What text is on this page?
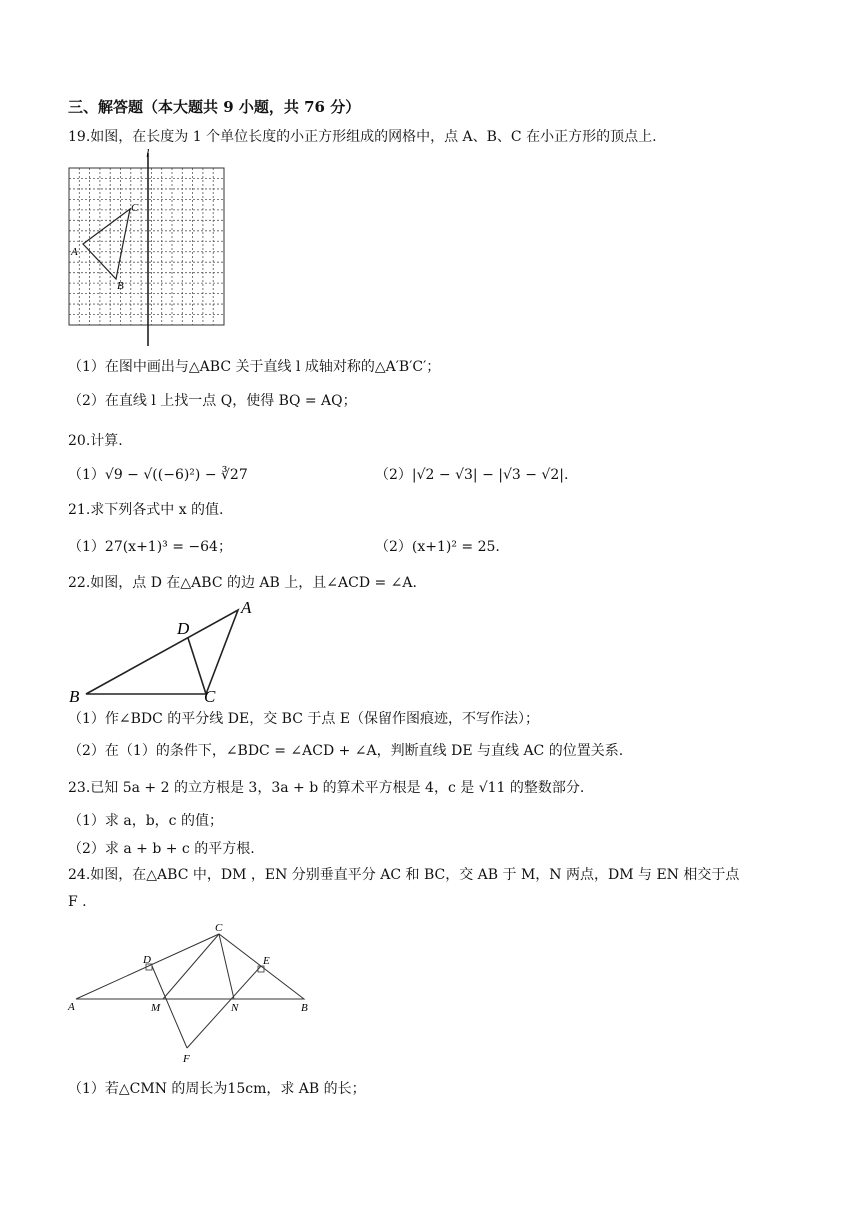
三、解答题（本大题共 9 小题，共 76 分）
19.如图，在长度为 1 个单位长度的小正方形组成的网格中，点 A、B、C 在小正方形的顶点上.
l
A
B
C
（1）在图中画出与△ABC 关于直线 l 成轴对称的△A′B′C′；
（2）在直线 l 上找一点 Q，使得 BQ = AQ；
20.计算.
（1）√9 − √((−6)²) − ∛27	（2）|√2 − √3| − |√3 − √2|.
21.求下列各式中 x 的值.
（1）27(x+1)³ = −64；	（2）(x+1)² = 25.
22.如图，点 D 在△ABC 的边 AB 上，且∠ACD = ∠A.
B
A
C
D
（1）作∠BDC 的平分线 DE，交 BC 于点 E（保留作图痕迹，不写作法）；
（2）在（1）的条件下，∠BDC = ∠ACD + ∠A，判断直线 DE 与直线 AC 的位置关系.
23.已知 5a + 2 的立方根是 3，3a + b 的算术平方根是 4，c 是 √11 的整数部分.
（1）求 a，b，c 的值；
（2）求 a + b + c 的平方根.
24.如图，在△ABC 中，DM ，EN 分别垂直平分 AC 和 BC，交 AB 于 M，N 两点，DM 与 EN 相交于点
F .
A
C
B
D	E
M	N
F
（1）若△CMN 的周长为15cm，求 AB 的长；
